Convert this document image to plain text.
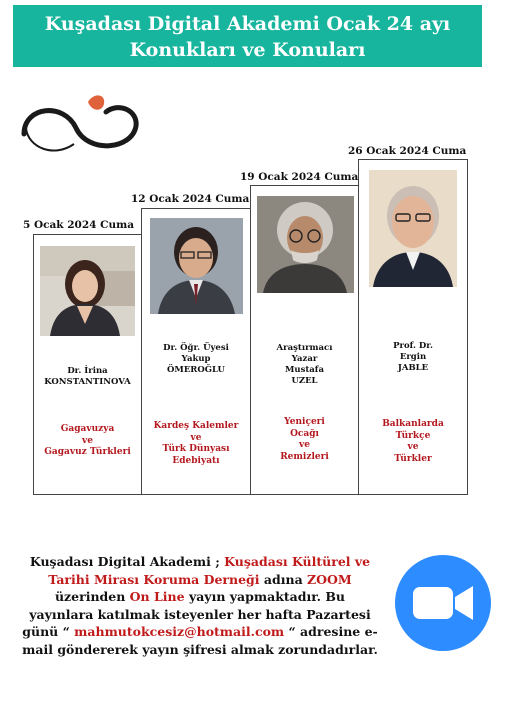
Kuşadası Digital Akademi Ocak 24 ayı
Konukları ve Konuları
5 Ocak 2024 Cuma
12 Ocak 2024 Cuma
19 Ocak 2024 Cuma
26 Ocak 2024 Cuma
Dr. İrina
KONSTANTINOVA
Gagavuzya
ve
Gagavuz Türkleri
Dr. Öğr. Üyesi
Yakup
ÖMEROĞLU
Kardeş Kalemler
ve
Türk Dünyası
Edebiyatı
Araştırmacı
Yazar
Mustafa
UZEL
Yeniçeri
Ocağı
ve
Remizleri
Prof. Dr.
Ergin
JABLE
Balkanlarda
Türkçe
ve
Türkler
Kuşadası Digital Akademi ; Kuşadası Kültürel ve Tarihi Mirası Koruma Derneği adına ZOOM üzerinden On Line yayın yapmaktadır. Bu yayınlara katılmak isteyenler her hafta Pazartesi günü “ mahmutokcesiz@hotmail.com “ adresine e-mail göndererek yayın şifresi almak zorundadırlar.
